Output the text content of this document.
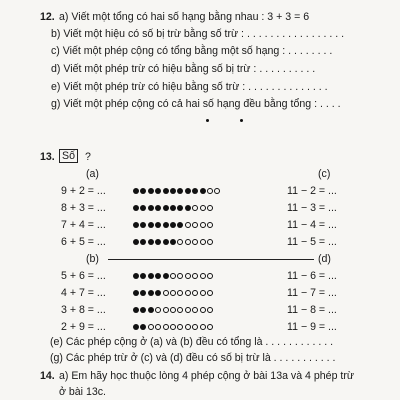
12. a) Viết một tổng có hai số hạng bằng nhau : 3 + 3 = 6
b) Viết một hiệu có số bị trừ bằng số trừ : . . . . . . . . . . . . . . . . .
c) Viết một phép cộng có tổng bằng một số hạng : . . . . . . . .
d) Viết một phép trừ có hiệu bằng số bị trừ : . . . . . . . . . .
e) Viết một phép trừ có hiệu bằng số trừ : . . . . . . . . . . . . . .
g) Viết một phép cộng có cả hai số hạng đều bằng tổng : . . . .
13. Số ?
(a)	(c)
(b)	(d)
(e) Các phép cộng ở (a) và (b) đều có tổng là . . . . . . . . . . . .
(g) Các phép trừ ở (c) và (d) đều có số bị trừ là . . . . . . . . . . .
14. a) Em hãy học thuộc lòng 4 phép cộng ở bài 13a và 4 phép trừ
ở bài 13c.
9 + 2 = ...	11 − 2 = ...
8 + 3 = ...	11 − 3 = ...
7 + 4 = ...	11 − 4 = ...
6 + 5 = ...	11 − 5 = ...
5 + 6 = ...	11 − 6 = ...
4 + 7 = ...	11 − 7 = ...
3 + 8 = ...	11 − 8 = ...
2 + 9 = ...	11 − 9 = ...
